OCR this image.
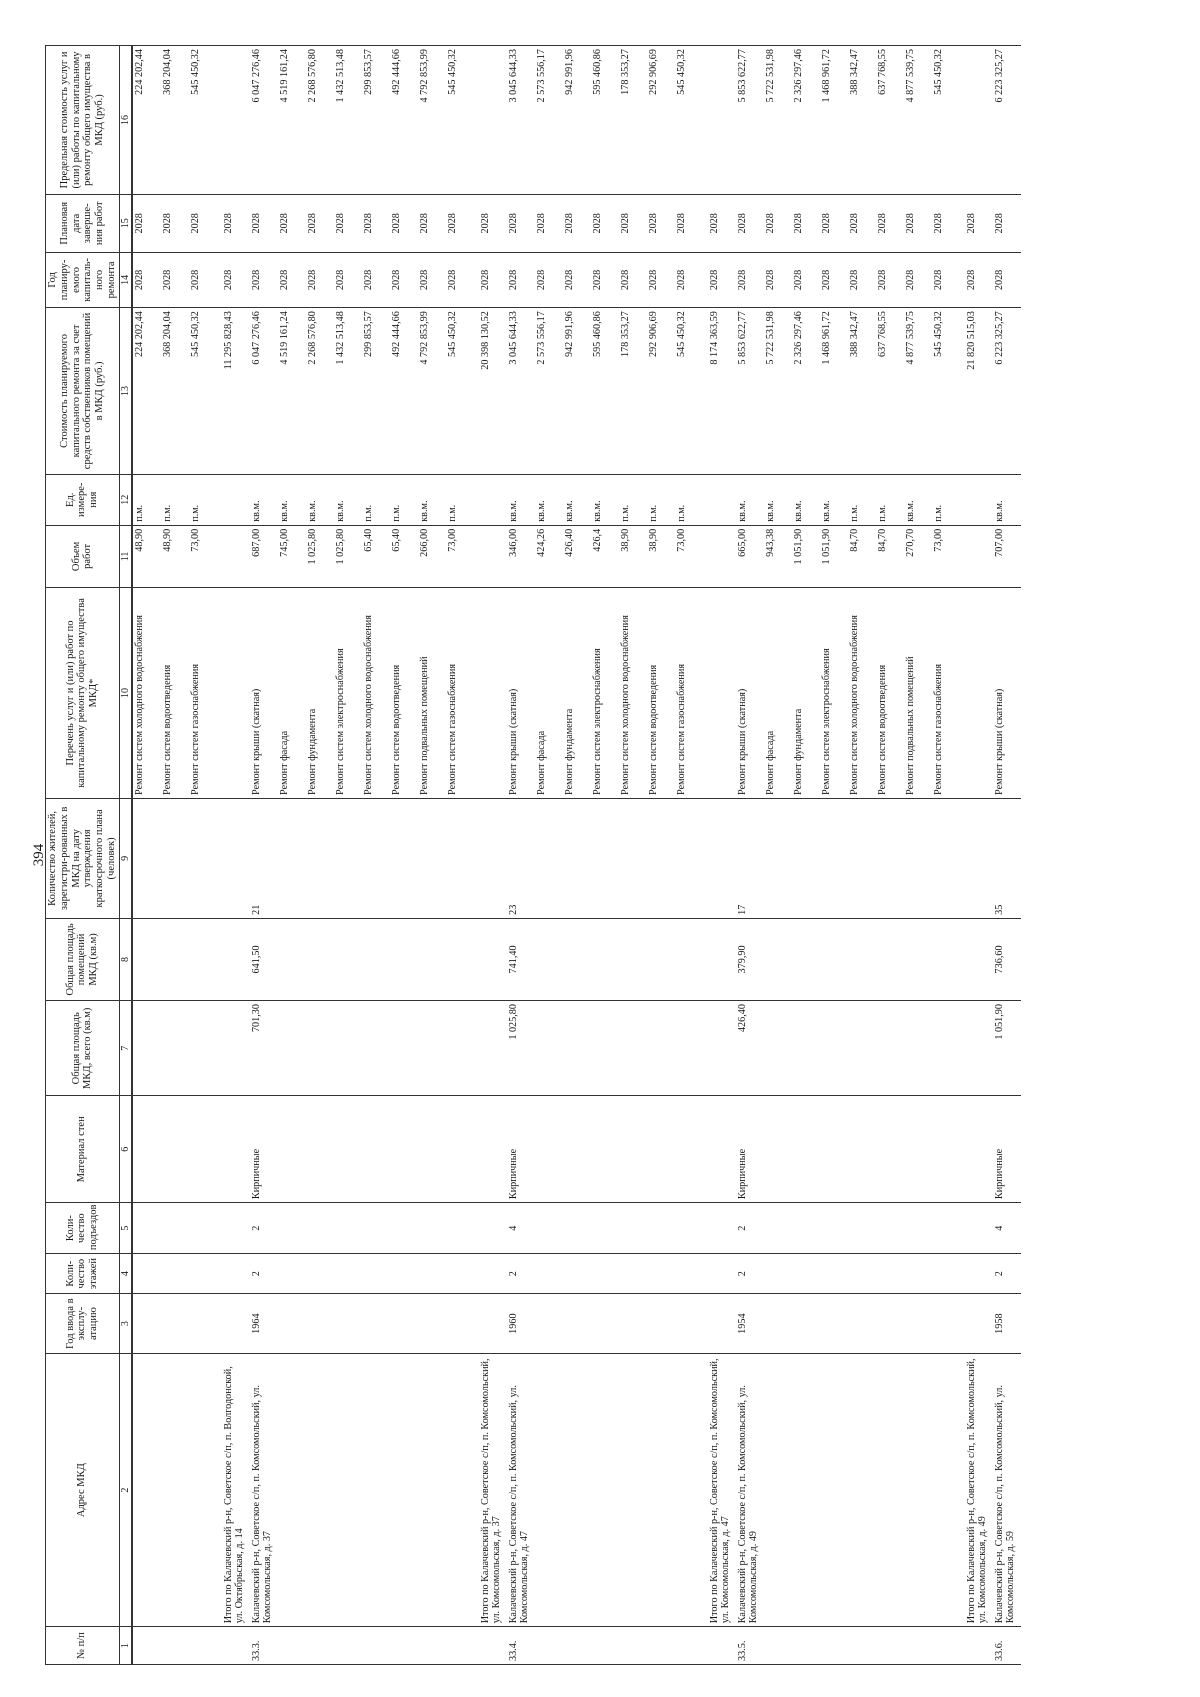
394
№ п/п	Адрес МКД	Год ввода в эксплу-атацию	Коли-чество этажей	Коли-чество подъездов	Материал стен	Общая площадь МКД, всего (кв.м)	Общая площадь помещений МКД (кв.м)	Количество жителей, зарегистри-рованных в МКД на дату утверждения краткосрочного плана (человек)	Перечень услуг и (или) работ по капитальному ремонту общего имущества МКД*	Объем работ	Ед. измере-ния	Стоимость планируемого капитального ремонта за счет средств собственников помещений в МКД (руб.)	Год планиру-емого капиталь-ного ремонта	Плановая дата заверше-ния работ	Предельная стоимость услуг и (или) работы по капитальному ремонту общего имущества в МКД (руб.)
1	2	3	4	5	6	7	8	9	10	11	12	13	14	15	16
									Ремонт систем холодного водоснабжения	48,90	п.м.	224 202,44	2028	2028	224 202,44
									Ремонт систем водоотведения	48,90	п.м.	368 204,04	2028	2028	368 204,04
									Ремонт систем газоснабжения	73,00	п.м.	545 450,32	2028	2028	545 450,32
	Итого по Калачевский р-н, Советское с/п, п. Волгодонской, ул. Октябрьская, д. 14											11 295 828,43	2028	2028	
33.3.	Калачевский р-н, Советское с/п, п. Комсомольский, ул. Комсомольская, д. 37	1964	2	2	Кирпичные	701,30	641,50	21	Ремонт крыши (скатная)	687,00	кв.м.	6 047 276,46	2028	2028	6 047 276,46
									Ремонт фасада	745,00	кв.м.	4 519 161,24	2028	2028	4 519 161,24
									Ремонт фундамента	1 025,80	кв.м.	2 268 576,80	2028	2028	2 268 576,80
									Ремонт систем электроснабжения	1 025,80	кв.м.	1 432 513,48	2028	2028	1 432 513,48
									Ремонт систем холодного водоснабжения	65,40	п.м.	299 853,57	2028	2028	299 853,57
									Ремонт систем водоотведения	65,40	п.м.	492 444,66	2028	2028	492 444,66
									Ремонт подвальных помещений	266,00	кв.м.	4 792 853,99	2028	2028	4 792 853,99
									Ремонт систем газоснабжения	73,00	п.м.	545 450,32	2028	2028	545 450,32
	Итого по Калачевский р-н, Советское с/п, п. Комсомольский, ул. Комсомольская, д. 37											20 398 130,52	2028	2028	
33.4.	Калачевский р-н, Советское с/п, п. Комсомольский, ул. Комсомольская, д. 47	1960	2	4	Кирпичные	1 025,80	741,40	23	Ремонт крыши (скатная)	346,00	кв.м.	3 045 644,33	2028	2028	3 045 644,33
									Ремонт фасада	424,26	кв.м.	2 573 556,17	2028	2028	2 573 556,17
									Ремонт фундамента	426,40	кв.м.	942 991,96	2028	2028	942 991,96
									Ремонт систем электроснабжения	426,4	кв.м.	595 460,86	2028	2028	595 460,86
									Ремонт систем холодного водоснабжения	38,90	п.м.	178 353,27	2028	2028	178 353,27
									Ремонт систем водоотведения	38,90	п.м.	292 906,69	2028	2028	292 906,69
									Ремонт систем газоснабжения	73,00	п.м.	545 450,32	2028	2028	545 450,32
	Итого по Калачевский р-н, Советское с/п, п. Комсомольский, ул. Комсомольская, д. 47											8 174 363,59	2028	2028	
33.5.	Калачевский р-н, Советское с/п, п. Комсомольский, ул. Комсомольская, д. 49	1954	2	2	Кирпичные	426,40	379,90	17	Ремонт крыши (скатная)	665,00	кв.м.	5 853 622,77	2028	2028	5 853 622,77
									Ремонт фасада	943,38	кв.м.	5 722 531,98	2028	2028	5 722 531,98
									Ремонт фундамента	1 051,90	кв.м.	2 326 297,46	2028	2028	2 326 297,46
									Ремонт систем электроснабжения	1 051,90	кв.м.	1 468 961,72	2028	2028	1 468 961,72
									Ремонт систем холодного водоснабжения	84,70	п.м.	388 342,47	2028	2028	388 342,47
									Ремонт систем водоотведения	84,70	п.м.	637 768,55	2028	2028	637 768,55
									Ремонт подвальных помещений	270,70	кв.м.	4 877 539,75	2028	2028	4 877 539,75
									Ремонт систем газоснабжения	73,00	п.м.	545 450,32	2028	2028	545 450,32
	Итого по Калачевский р-н, Советское с/п, п. Комсомольский, ул. Комсомольская, д. 49											21 820 515,03	2028	2028	
33.6.	Калачевский р-н, Советское с/п, п. Комсомольский, ул. Комсомольская, д. 59	1958	2	4	Кирпичные	1 051,90	736,60	35	Ремонт крыши (скатная)	707,00	кв.м.	6 223 325,27	2028	2028	6 223 325,27
